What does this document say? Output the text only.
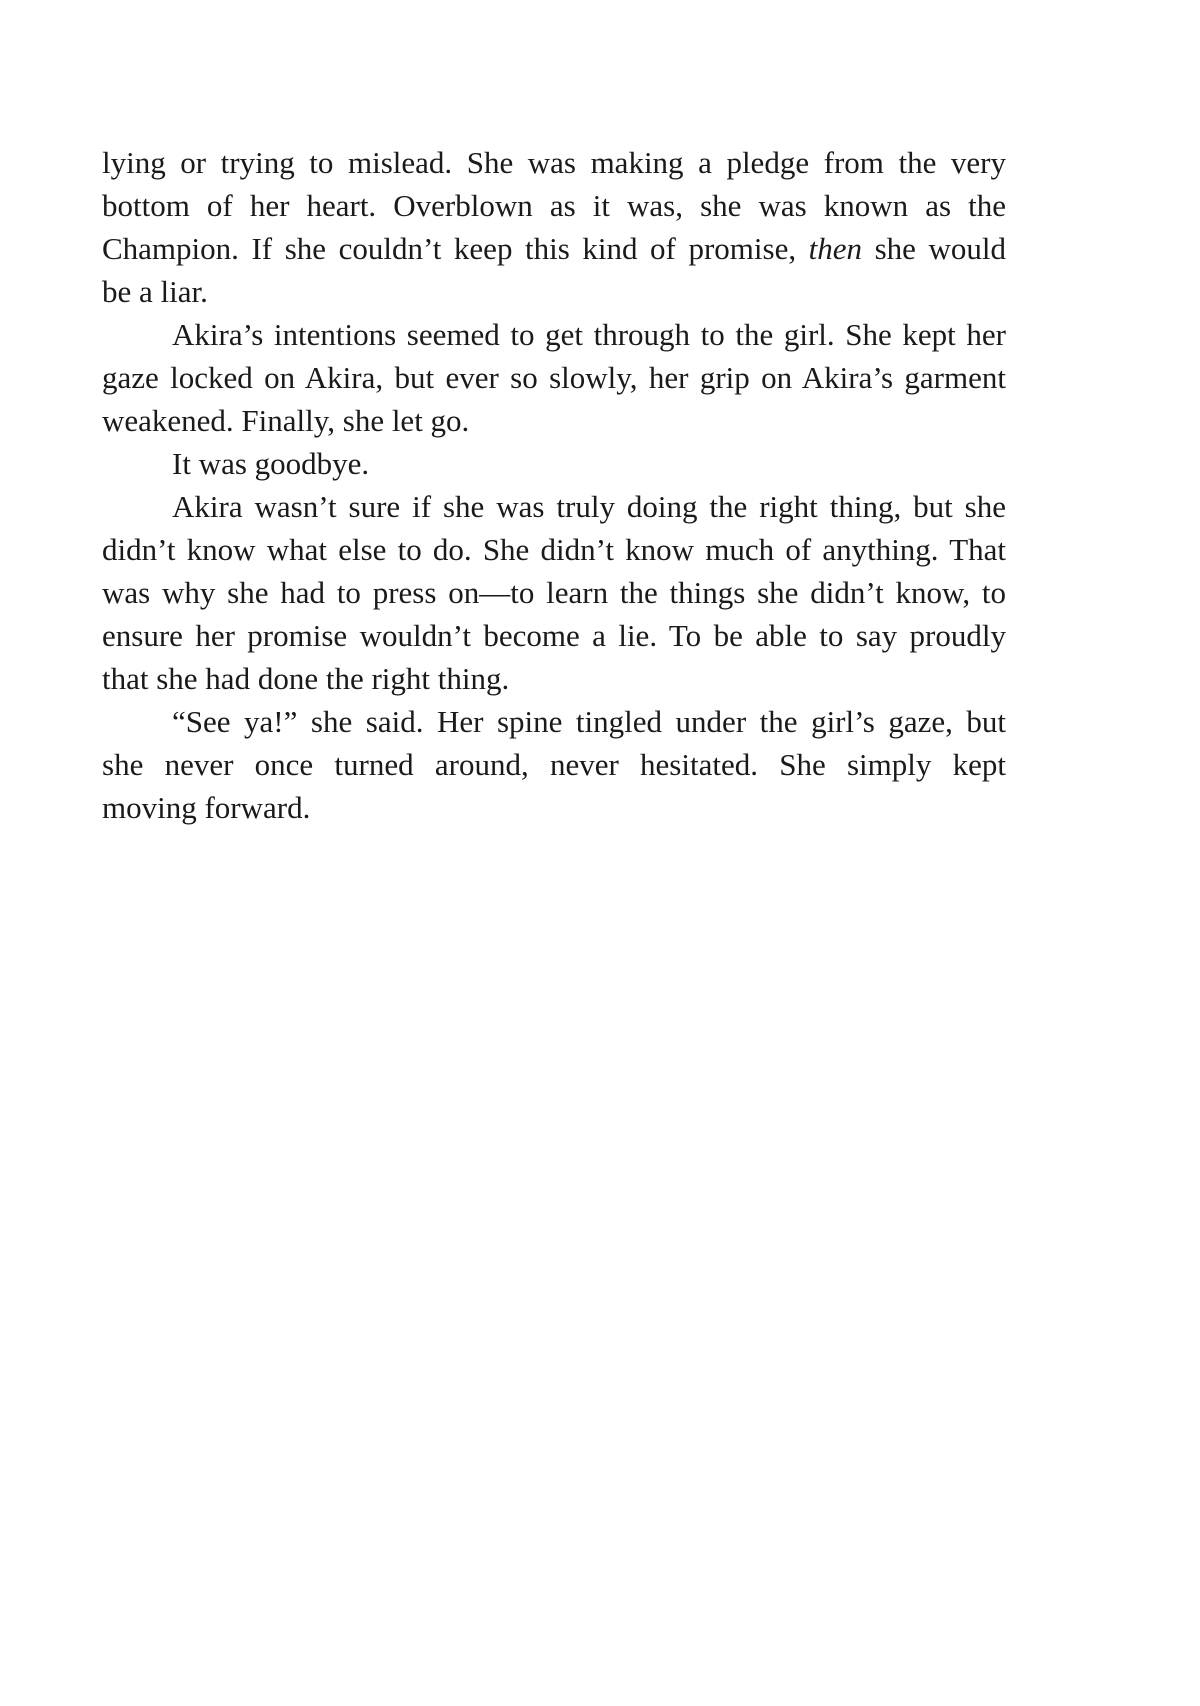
lying or trying to mislead. She was making a pledge from the very
bottom of her heart. Overblown as it was, she was known as the
Champion. If she couldn’t keep this kind of promise, then she would
be a liar.
Akira’s intentions seemed to get through to the girl. She kept her
gaze locked on Akira, but ever so slowly, her grip on Akira’s garment
weakened. Finally, she let go.
It was goodbye.
Akira wasn’t sure if she was truly doing the right thing, but she
didn’t know what else to do. She didn’t know much of anything. That
was why she had to press on—to learn the things she didn’t know, to
ensure her promise wouldn’t become a lie. To be able to say proudly
that she had done the right thing.
“See ya!” she said. Her spine tingled under the girl’s gaze, but
she never once turned around, never hesitated. She simply kept
moving forward.
